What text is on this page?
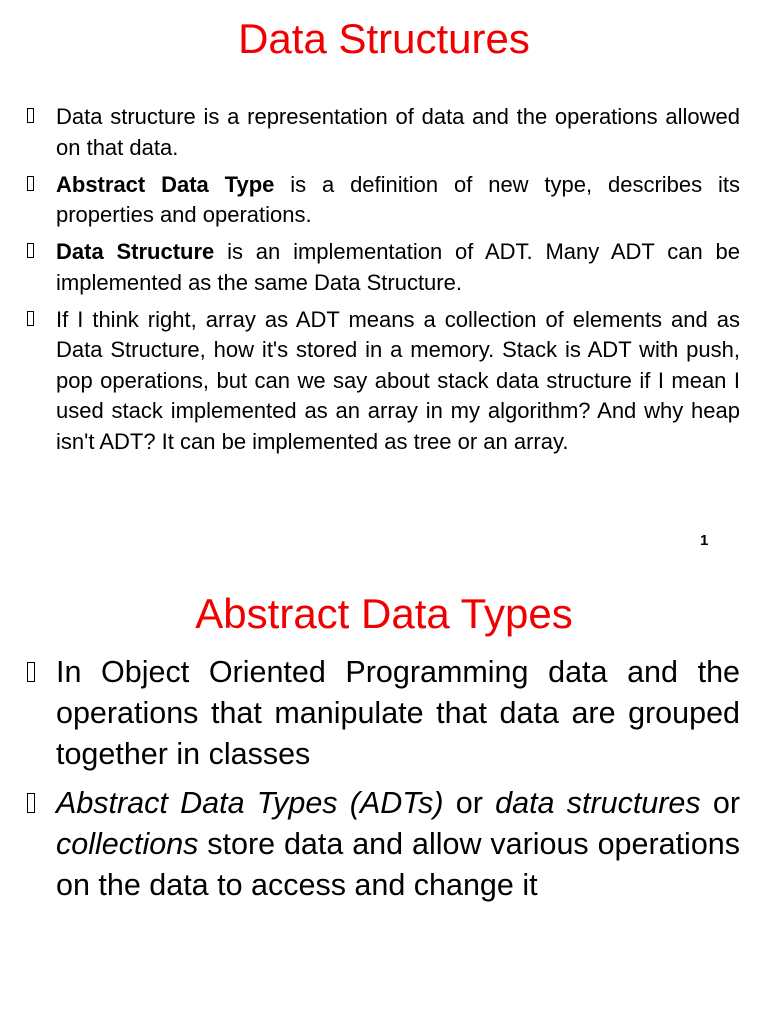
Data Structures
Data structure is a representation of data and the operations allowed on that data.
Abstract Data Type is a definition of new type, describes its properties and operations.
Data Structure is an implementation of ADT. Many ADT can be implemented as the same Data Structure.
If I think right, array as ADT means a collection of elements and as Data Structure, how it's stored in a memory. Stack is ADT with push, pop operations, but can we say about stack data structure if I mean I used stack implemented as an array in my algorithm? And why heap isn't ADT? It can be implemented as tree or an array.
1
Abstract Data Types
In Object Oriented Programming data and the operations that manipulate that data are grouped together in classes
Abstract Data Types (ADTs) or data structures or collections store data and allow various operations on the data to access and change it
